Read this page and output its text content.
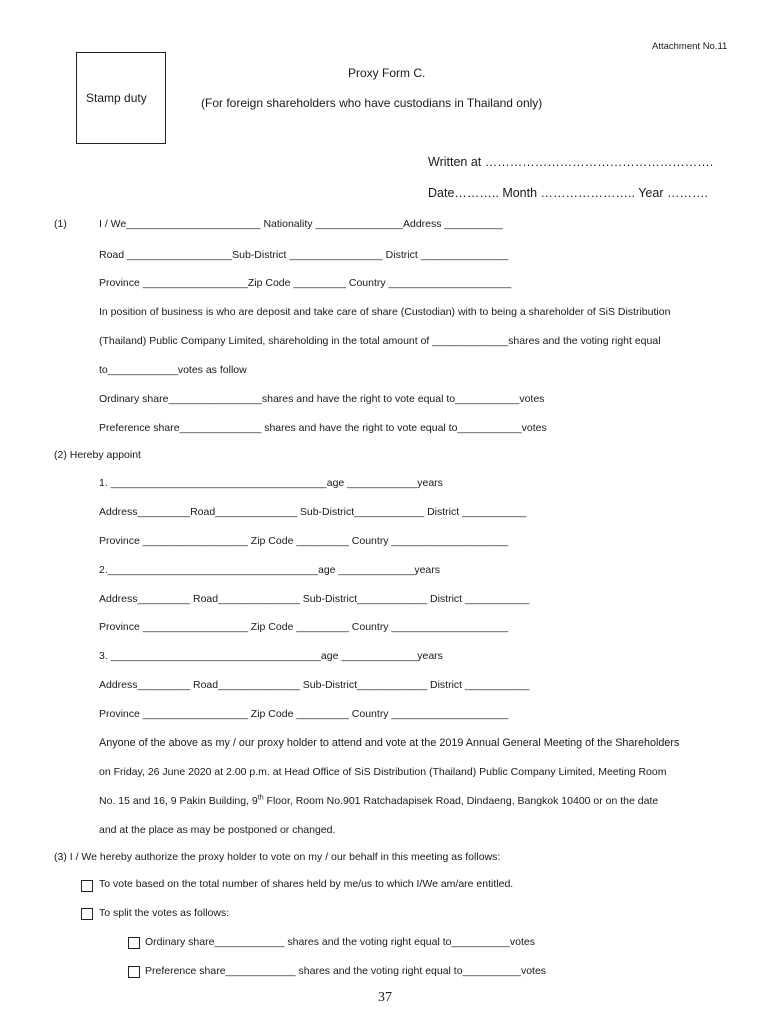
Attachment No.11
Stamp duty
Proxy Form C.
(For foreign shareholders who have custodians in Thailand only)
Written at ……………………………………………….
Date……….. Month ………………….. Year ……….
(1)	I / We_______________________ Nationality _______________Address __________
Road __________________Sub-District ________________ District _______________
Province __________________Zip Code _________ Country _____________________
In position of business is who are deposit and take care of share (Custodian) with to being a shareholder of SiS Distribution
(Thailand) Public Company Limited, shareholding in the total amount of _____________shares and the voting right equal
to____________votes as follow
Ordinary share________________shares and have the right to vote equal to___________votes
Preference share______________ shares and have the right to vote equal to___________votes
(2) Hereby appoint
1. _____________________________________age ____________years
Address_________Road______________ Sub-District____________ District ___________
Province __________________ Zip Code _________ Country ____________________
2.____________________________________age _____________years
Address_________ Road______________ Sub-District____________ District ___________
Province __________________ Zip Code _________ Country ____________________
3. ____________________________________age _____________years
Address_________ Road______________ Sub-District____________ District ___________
Province __________________ Zip Code _________ Country ____________________
Anyone of the above as my / our proxy holder to attend and vote at the 2019 Annual General Meeting of the Shareholders
on Friday, 26 June 2020 at 2.00 p.m. at Head Office of SiS Distribution (Thailand) Public Company Limited, Meeting Room
No. 15 and 16, 9 Pakin Building, 9th Floor, Room No.901 Ratchadapisek Road, Dindaeng, Bangkok 10400 or on the date
and at the place as may be postponed or changed.
(3) I / We hereby authorize the proxy holder to vote on my / our behalf in this meeting as follows:
To vote based on the total number of shares held by me/us to which I/We am/are entitled.
To split the votes as follows:
Ordinary share____________ shares and the voting right equal to__________votes
Preference share____________ shares and the voting right equal to__________votes
37
